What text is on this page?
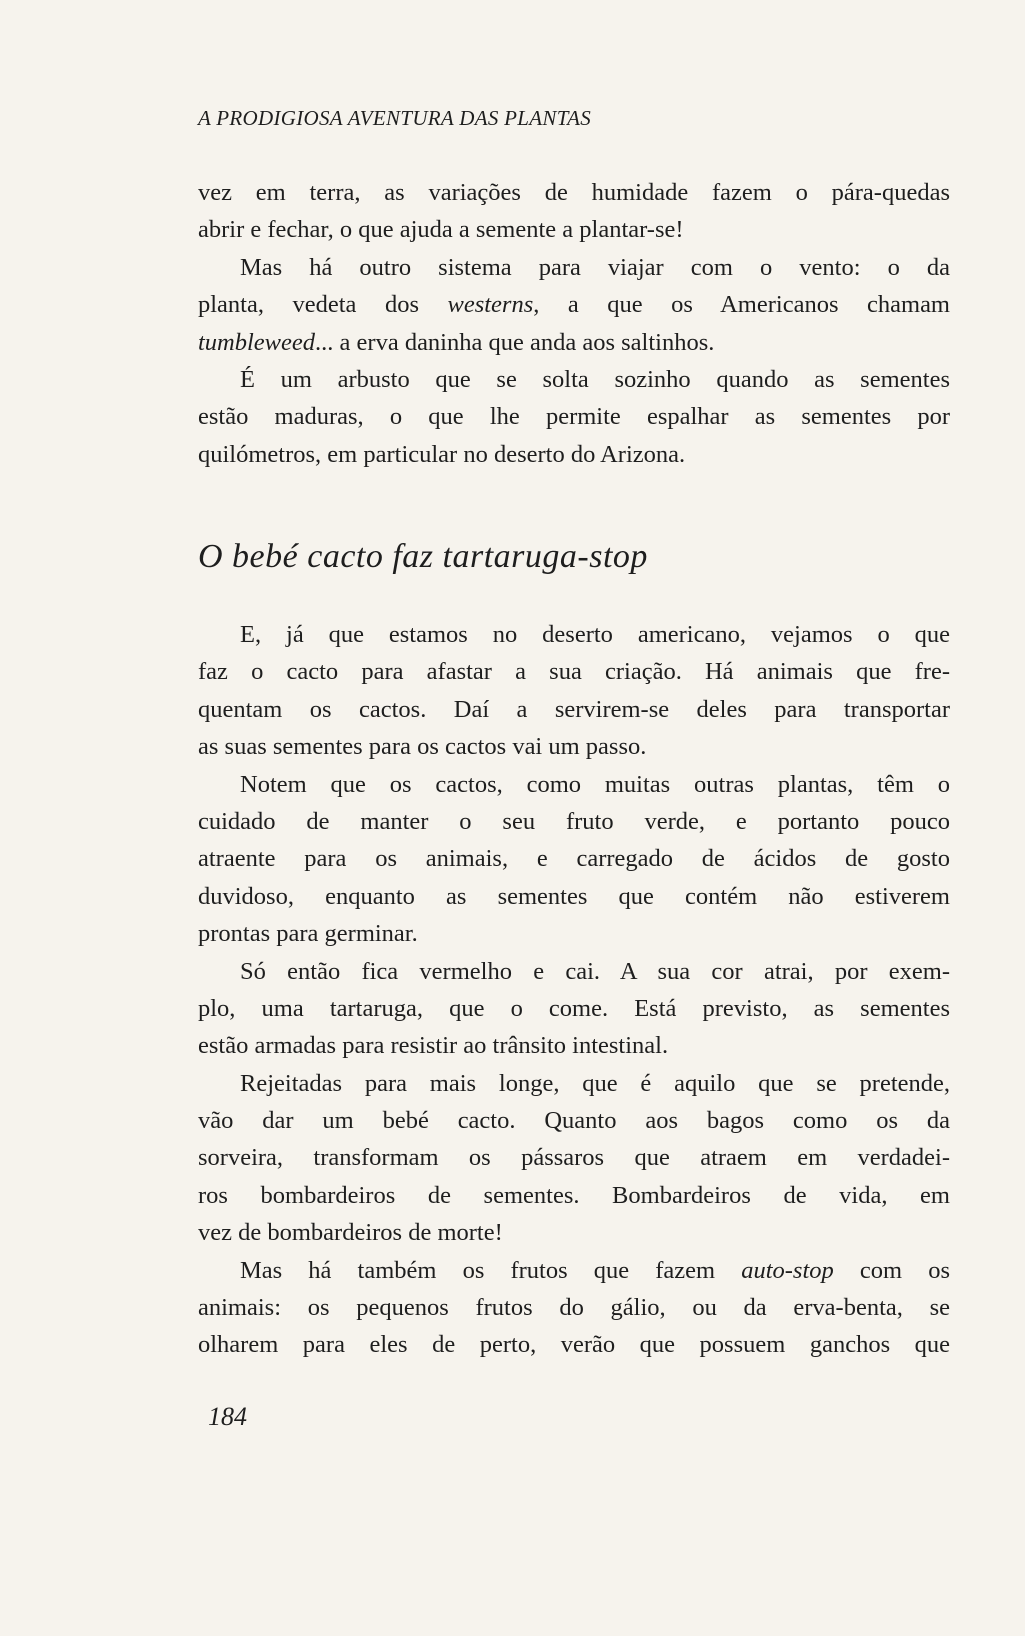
A PRODIGIOSA AVENTURA DAS PLANTAS
vez em terra, as variações de humidade fazem o pára-quedas
abrir e fechar, o que ajuda a semente a plantar-se!
Mas há outro sistema para viajar com o vento: o da
planta, vedeta dos westerns, a que os Americanos chamam
tumbleweed... a erva daninha que anda aos saltinhos.
É um arbusto que se solta sozinho quando as sementes
estão maduras, o que lhe permite espalhar as sementes por
quilómetros, em particular no deserto do Arizona.
O bebé cacto faz tartaruga-stop
E, já que estamos no deserto americano, vejamos o que
faz o cacto para afastar a sua criação. Há animais que fre-
quentam os cactos. Daí a servirem-se deles para transportar
as suas sementes para os cactos vai um passo.
Notem que os cactos, como muitas outras plantas, têm o
cuidado de manter o seu fruto verde, e portanto pouco
atraente para os animais, e carregado de ácidos de gosto
duvidoso, enquanto as sementes que contém não estiverem
prontas para germinar.
Só então fica vermelho e cai. A sua cor atrai, por exem-
plo, uma tartaruga, que o come. Está previsto, as sementes
estão armadas para resistir ao trânsito intestinal.
Rejeitadas para mais longe, que é aquilo que se pretende,
vão dar um bebé cacto. Quanto aos bagos como os da
sorveira, transformam os pássaros que atraem em verdadei-
ros bombardeiros de sementes. Bombardeiros de vida, em
vez de bombardeiros de morte!
Mas há também os frutos que fazem auto-stop com os
animais: os pequenos frutos do gálio, ou da erva-benta, se
olharem para eles de perto, verão que possuem ganchos que
184
